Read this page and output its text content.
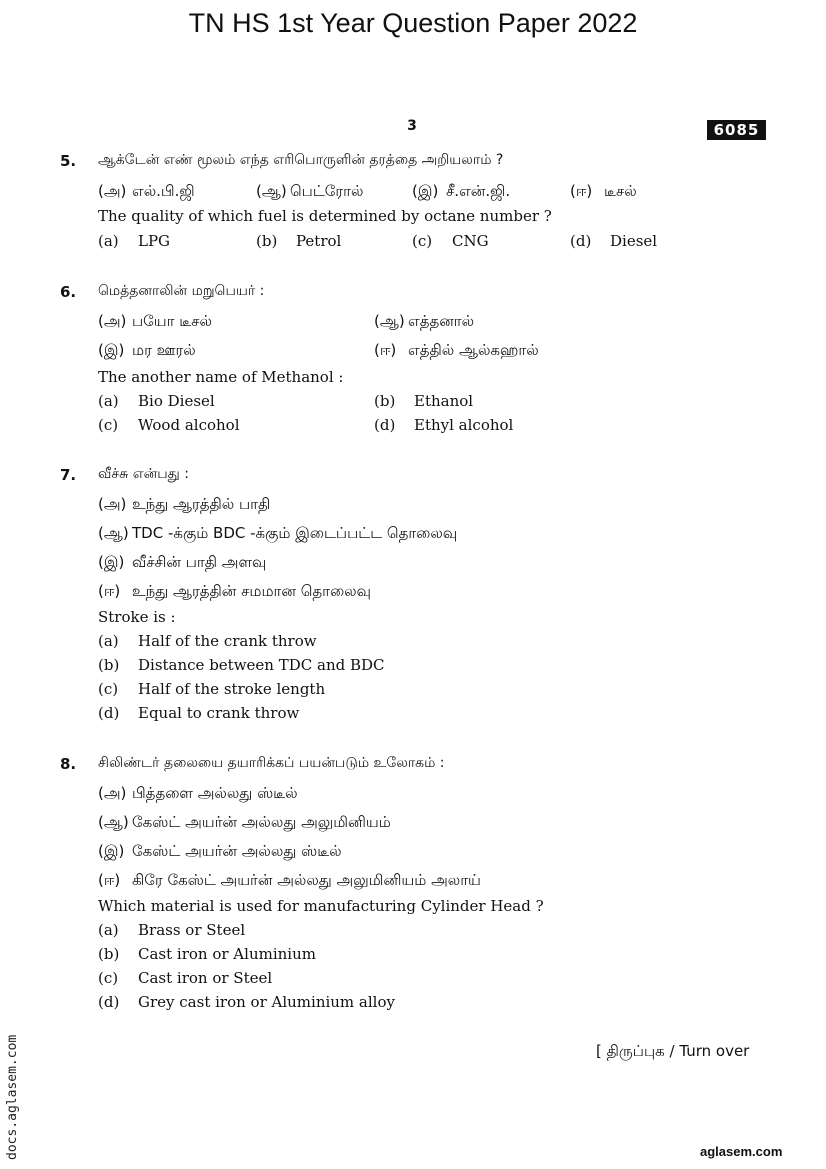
TN HS 1st Year Question Paper 2022
3	6085
5. ஆக்டேன் எண் மூலம் எந்த எரிபொருளின் தரத்தை அறியலாம் ?
(அ) எல்.பி.ஜி	(ஆ) பெட்ரோல்	(இ) சீ.என்.ஜி.	(ஈ) டீசல்
The quality of which fuel is determined by octane number ?
(a) LPG	(b) Petrol	(c) CNG	(d) Diesel
6. மெத்தனாலின் மறுபெயர் :
(அ) பயோ டீசல்	(ஆ) எத்தனால்
(இ) மர ஊரல்	(ஈ) எத்தில் ஆல்கஹால்
The another name of Methanol :
(a) Bio Diesel	(b) Ethanol
(c) Wood alcohol	(d) Ethyl alcohol
7. வீச்சு என்பது :
(அ) உந்து ஆரத்தில் பாதி
(ஆ) TDC -க்கும் BDC -க்கும் இடைப்பட்ட தொலைவு
(இ) வீச்சின் பாதி அளவு
(ஈ) உந்து ஆரத்தின் சமமான தொலைவு
Stroke is :
(a) Half of the crank throw
(b) Distance between TDC and BDC
(c) Half of the stroke length
(d) Equal to crank throw
8. சிலிண்டர் தலையை தயாரிக்கப் பயன்படும் உலோகம் :
(அ) பித்தளை அல்லது ஸ்டீல்
(ஆ) கேஸ்ட் அயர்ன் அல்லது அலுமினியம்
(இ) கேஸ்ட் அயர்ன் அல்லது ஸ்டீல்
(ஈ) கிரே கேஸ்ட் அயர்ன் அல்லது அலுமினியம் அலாய்
Which material is used for manufacturing Cylinder Head ?
(a) Brass or Steel
(b) Cast iron or Aluminium
(c) Cast iron or Steel
(d) Grey cast iron or Aluminium alloy
[ திருப்புக / Turn over
docs.aglasem.com	aglasem.com
